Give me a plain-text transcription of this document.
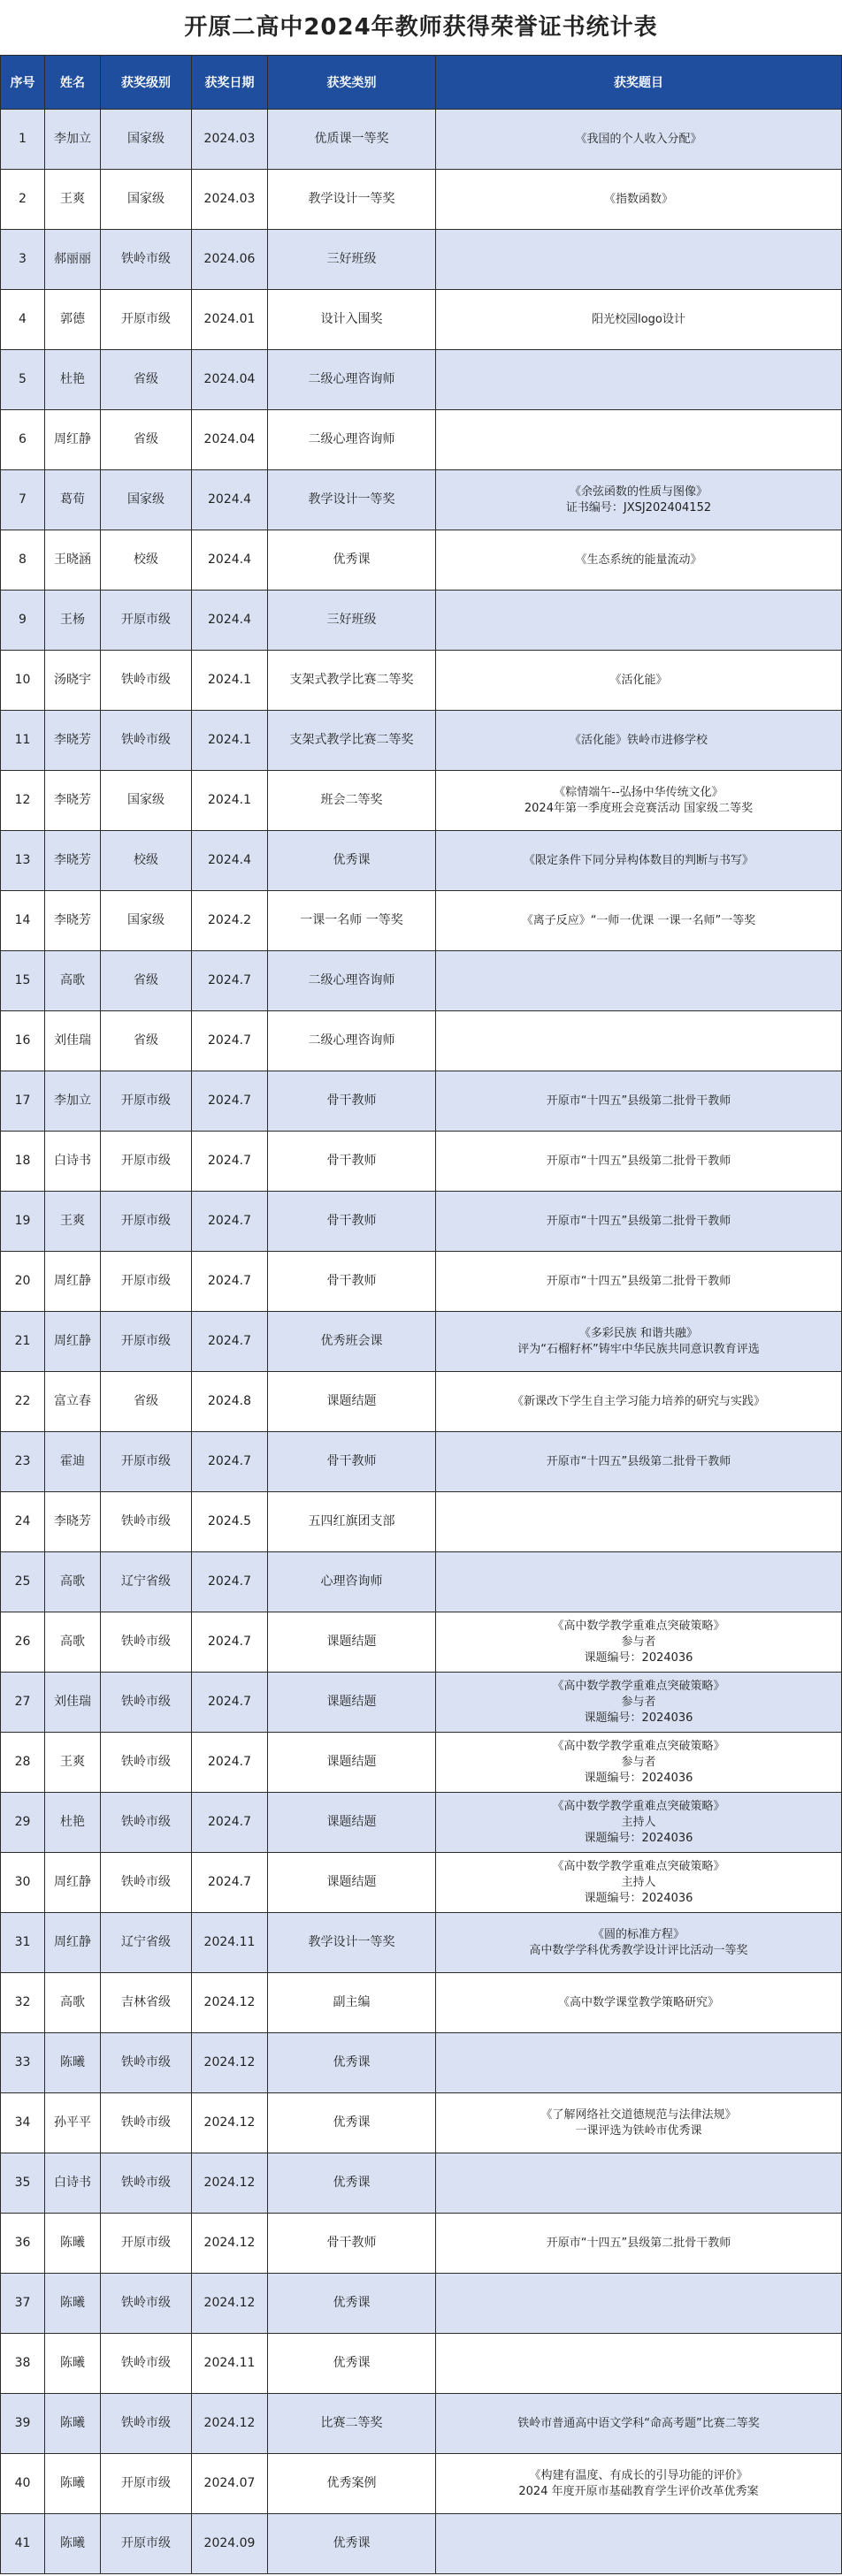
开原二高中2024年教师获得荣誉证书统计表
序号	姓名	获奖级别	获奖日期	获奖类别	获奖题目
1	李加立	国家级	2024.03	优质课一等奖	《我国的个人收入分配》

2	王爽	国家级	2024.03	教学设计一等奖	《指数函数》

3	郝丽丽	铁岭市级	2024.06	三好班级	
4	郭德	开原市级	2024.01	设计入围奖	阳光校园logo设计

5	杜艳	省级	2024.04	二级心理咨询师	
6	周红静	省级	2024.04	二级心理咨询师	
7	葛荀	国家级	2024.4	教学设计一等奖	《余弦函数的性质与图像》
证书编号：JXSJ202404152

8	王晓涵	校级	2024.4	优秀课	《生态系统的能量流动》

9	王杨	开原市级	2024.4	三好班级	
10	汤晓宇	铁岭市级	2024.1	支架式教学比赛二等奖	《活化能》

11	李晓芳	铁岭市级	2024.1	支架式教学比赛二等奖	《活化能》铁岭市进修学校

12	李晓芳	国家级	2024.1	班会二等奖	《粽情端午--弘扬中华传统文化》
2024年第一季度班会竞赛活动 国家级二等奖

13	李晓芳	校级	2024.4	优秀课	《限定条件下同分异构体数目的判断与书写》

14	李晓芳	国家级	2024.2	一课一名师 一等奖	《离子反应》“一师一优课 一课一名师”一等奖

15	高歌	省级	2024.7	二级心理咨询师	
16	刘佳瑞	省级	2024.7	二级心理咨询师	
17	李加立	开原市级	2024.7	骨干教师	开原市“十四五”县级第二批骨干教师

18	白诗书	开原市级	2024.7	骨干教师	开原市“十四五”县级第二批骨干教师

19	王爽	开原市级	2024.7	骨干教师	开原市“十四五”县级第二批骨干教师

20	周红静	开原市级	2024.7	骨干教师	开原市“十四五”县级第二批骨干教师

21	周红静	开原市级	2024.7	优秀班会课	《多彩民族 和谐共融》
评为“石榴籽杯”铸牢中华民族共同意识教育评选

22	富立春	省级	2024.8	课题结题	《新课改下学生自主学习能力培养的研究与实践》

23	霍迪	开原市级	2024.7	骨干教师	开原市“十四五”县级第二批骨干教师

24	李晓芳	铁岭市级	2024.5	五四红旗团支部	
25	高歌	辽宁省级	2024.7	心理咨询师	
26	高歌	铁岭市级	2024.7	课题结题	《高中数学教学重难点突破策略》
参与者
课题编号：2024036

27	刘佳瑞	铁岭市级	2024.7	课题结题	《高中数学教学重难点突破策略》
参与者
课题编号：2024036

28	王爽	铁岭市级	2024.7	课题结题	《高中数学教学重难点突破策略》
参与者
课题编号：2024036

29	杜艳	铁岭市级	2024.7	课题结题	《高中数学教学重难点突破策略》
主持人
课题编号：2024036

30	周红静	铁岭市级	2024.7	课题结题	《高中数学教学重难点突破策略》
主持人
课题编号：2024036

31	周红静	辽宁省级	2024.11	教学设计一等奖	《圆的标准方程》
高中数学学科优秀教学设计评比活动一等奖

32	高歌	吉林省级	2024.12	副主编	《高中数学课堂教学策略研究》

33	陈曦	铁岭市级	2024.12	优秀课	
34	孙平平	铁岭市级	2024.12	优秀课	《了解网络社交道德规范与法律法规》
一课评选为铁岭市优秀课

35	白诗书	铁岭市级	2024.12	优秀课	
36	陈曦	开原市级	2024.12	骨干教师	开原市“十四五”县级第二批骨干教师

37	陈曦	铁岭市级	2024.12	优秀课	
38	陈曦	铁岭市级	2024.11	优秀课	
39	陈曦	铁岭市级	2024.12	比赛二等奖	铁岭市普通高中语文学科“命高考题”比赛二等奖

40	陈曦	开原市级	2024.07	优秀案例	《构建有温度、有成长的引导功能的评价》
2024 年度开原市基础教育学生评价改革优秀案

41	陈曦	开原市级	2024.09	优秀课	
